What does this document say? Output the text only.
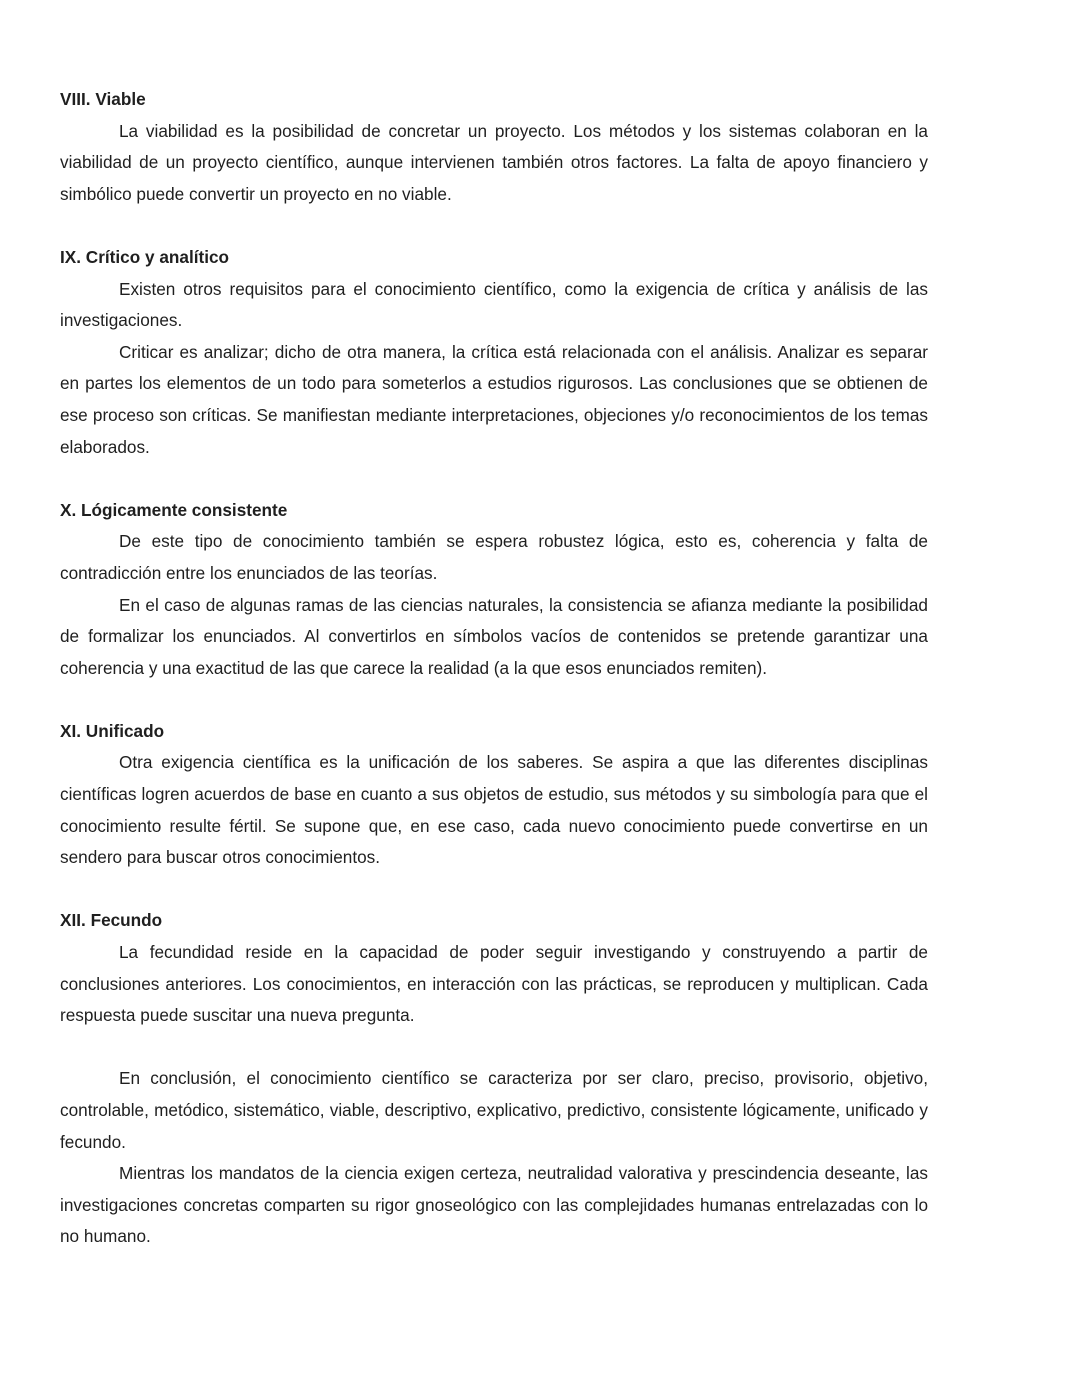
VIII. Viable

La viabilidad es la posibilidad de concretar un proyecto. Los métodos y los sistemas colaboran en la viabilidad de un proyecto científico, aunque intervienen también otros factores. La falta de apoyo financiero y simbólico puede convertir un proyecto en no viable.

IX. Crítico y analítico

Existen otros requisitos para el conocimiento científico, como la exigencia de crítica y análisis de las investigaciones.

Criticar es analizar; dicho de otra manera, la crítica está relacionada con el análisis. Analizar es separar en partes los elementos de un todo para someterlos a estudios rigurosos. Las conclusiones que se obtienen de ese proceso son críticas. Se manifiestan mediante interpretaciones, objeciones y/o reconocimientos de los temas elaborados.

X. Lógicamente consistente

De este tipo de conocimiento también se espera robustez lógica, esto es, coherencia y falta de contradicción entre los enunciados de las teorías.

En el caso de algunas ramas de las ciencias naturales, la consistencia se afianza mediante la posibilidad de formalizar los enunciados. Al convertirlos en símbolos vacíos de contenidos se pretende garantizar una coherencia y una exactitud de las que carece la realidad (a la que esos enunciados remiten).

XI. Unificado

Otra exigencia científica es la unificación de los saberes. Se aspira a que las diferentes disciplinas científicas logren acuerdos de base en cuanto a sus objetos de estudio, sus métodos y su simbología para que el conocimiento resulte fértil. Se supone que, en ese caso, cada nuevo conocimiento puede convertirse en un sendero para buscar otros conocimientos.

XII. Fecundo

La fecundidad reside en la capacidad de poder seguir investigando y construyendo a partir de conclusiones anteriores. Los conocimientos, en interacción con las prácticas, se reproducen y multiplican. Cada respuesta puede suscitar una nueva pregunta.

En conclusión, el conocimiento científico se caracteriza por ser claro, preciso, provisorio, objetivo, controlable, metódico, sistemático, viable, descriptivo, explicativo, predictivo, consistente lógicamente, unificado y fecundo.

Mientras los mandatos de la ciencia exigen certeza, neutralidad valorativa y prescindencia deseante, las investigaciones concretas comparten su rigor gnoseológico con las complejidades humanas entrelazadas con lo no humano.
